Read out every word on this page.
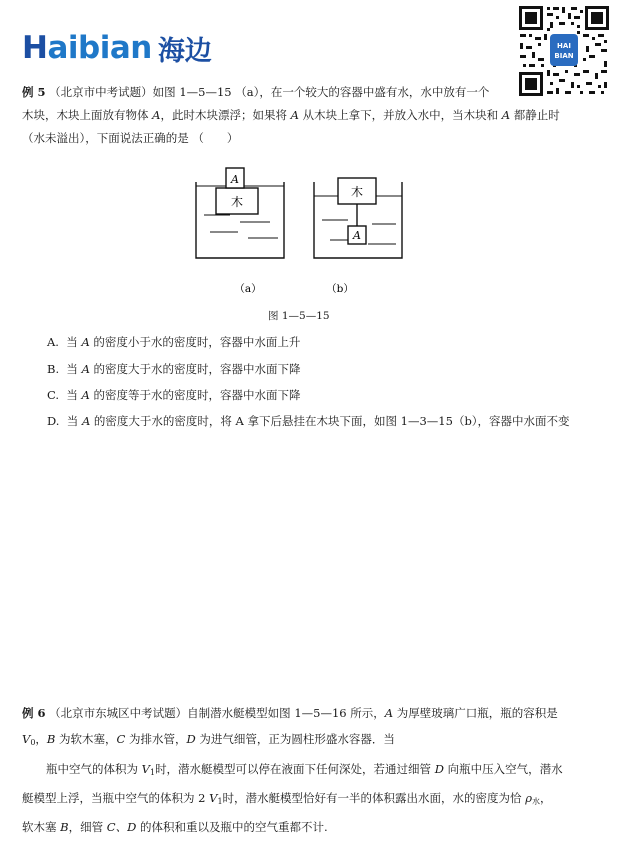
Haibian 海边	HAI
BIAN
例 5 （北京市中考试题）如图 1—5—15 （a），在一个较大的容器中盛有水，水中放有一个
木块，木块上面放有物体 A，此时木块漂浮；如果将 A 从木块上拿下，并放入水中，当木块和 A 都静止时
（水未溢出），下面说法正确的是 （　　）
A
木
木
A
（a）	（b）
图 1—5—15
A. 当 A 的密度小于水的密度时，容器中水面上升
B. 当 A 的密度大于水的密度时，容器中水面下降
C. 当 A 的密度等于水的密度时，容器中水面下降
D. 当 A 的密度大于水的密度时，将 A 拿下后悬挂在木块下面，如图 1—3—15（b），容器中水面不变
例 6 （北京市东城区中考试题）自制潜水艇模型如图 1—5—16 所示，A 为厚壁玻璃广口瓶，瓶的容积是
$V_0$，B 为软木塞，C 为排水管，D 为进气细管，正为圆柱形盛水容器．当
瓶中空气的体积为 $V_1$时，潜水艇模型可以停在液面下任何深处，若通过细管 D 向瓶中压入空气，潜水
艇模型上浮，当瓶中空气的体积为 2 $V_1$时，潜水艇模型恰好有一半的体积露出水面，水的密度为恰 $\rho_水$，
软木塞 B，细管 C、D 的体积和重以及瓶中的空气重都不计.
